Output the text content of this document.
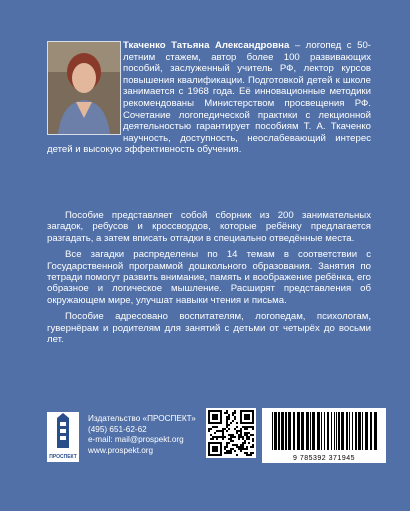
Ткаченко Татьяна Александровна – логопед с 50-летним стажем, автор более 100 развивающих пособий, заслуженный учитель РФ, лектор курсов повышения квалификации. Подготовкой детей к школе занимается с 1968 года. Её инновационные методики рекомендованы Министерством просвещения РФ. Сочетание логопедической практики с лекционной деятельностью гарантирует пособиям Т. А. Ткаченко научность, доступность, неослабевающий интерес детей и высокую эффективность обучения.

Пособие представляет собой сборник из 200 занимательных загадок, ребусов и кроссвордов, которые ребёнку предлагается разгадать, а затем вписать отгадки в специально отведённые места.

Все загадки распределены по 14 темам в соответствии с Государственной программой дошкольного образования. Занятия по тетради помогут развить внимание, память и воображение ребёнка, его образное и логическое мышление. Расширят представления об окружающем мире, улучшат навыки чтения и письма.

Пособие адресовано воспитателям, логопедам, психологам, гувернёрам и родителям для занятий с детьми от четырёх до восьми лет.

ПРОСПЕКТ
Издательство «ПРОСПЕКТ»
(495) 651-62-62
e-mail: mail@prospekt.org
www.prospekt.org
9 785392 371945
